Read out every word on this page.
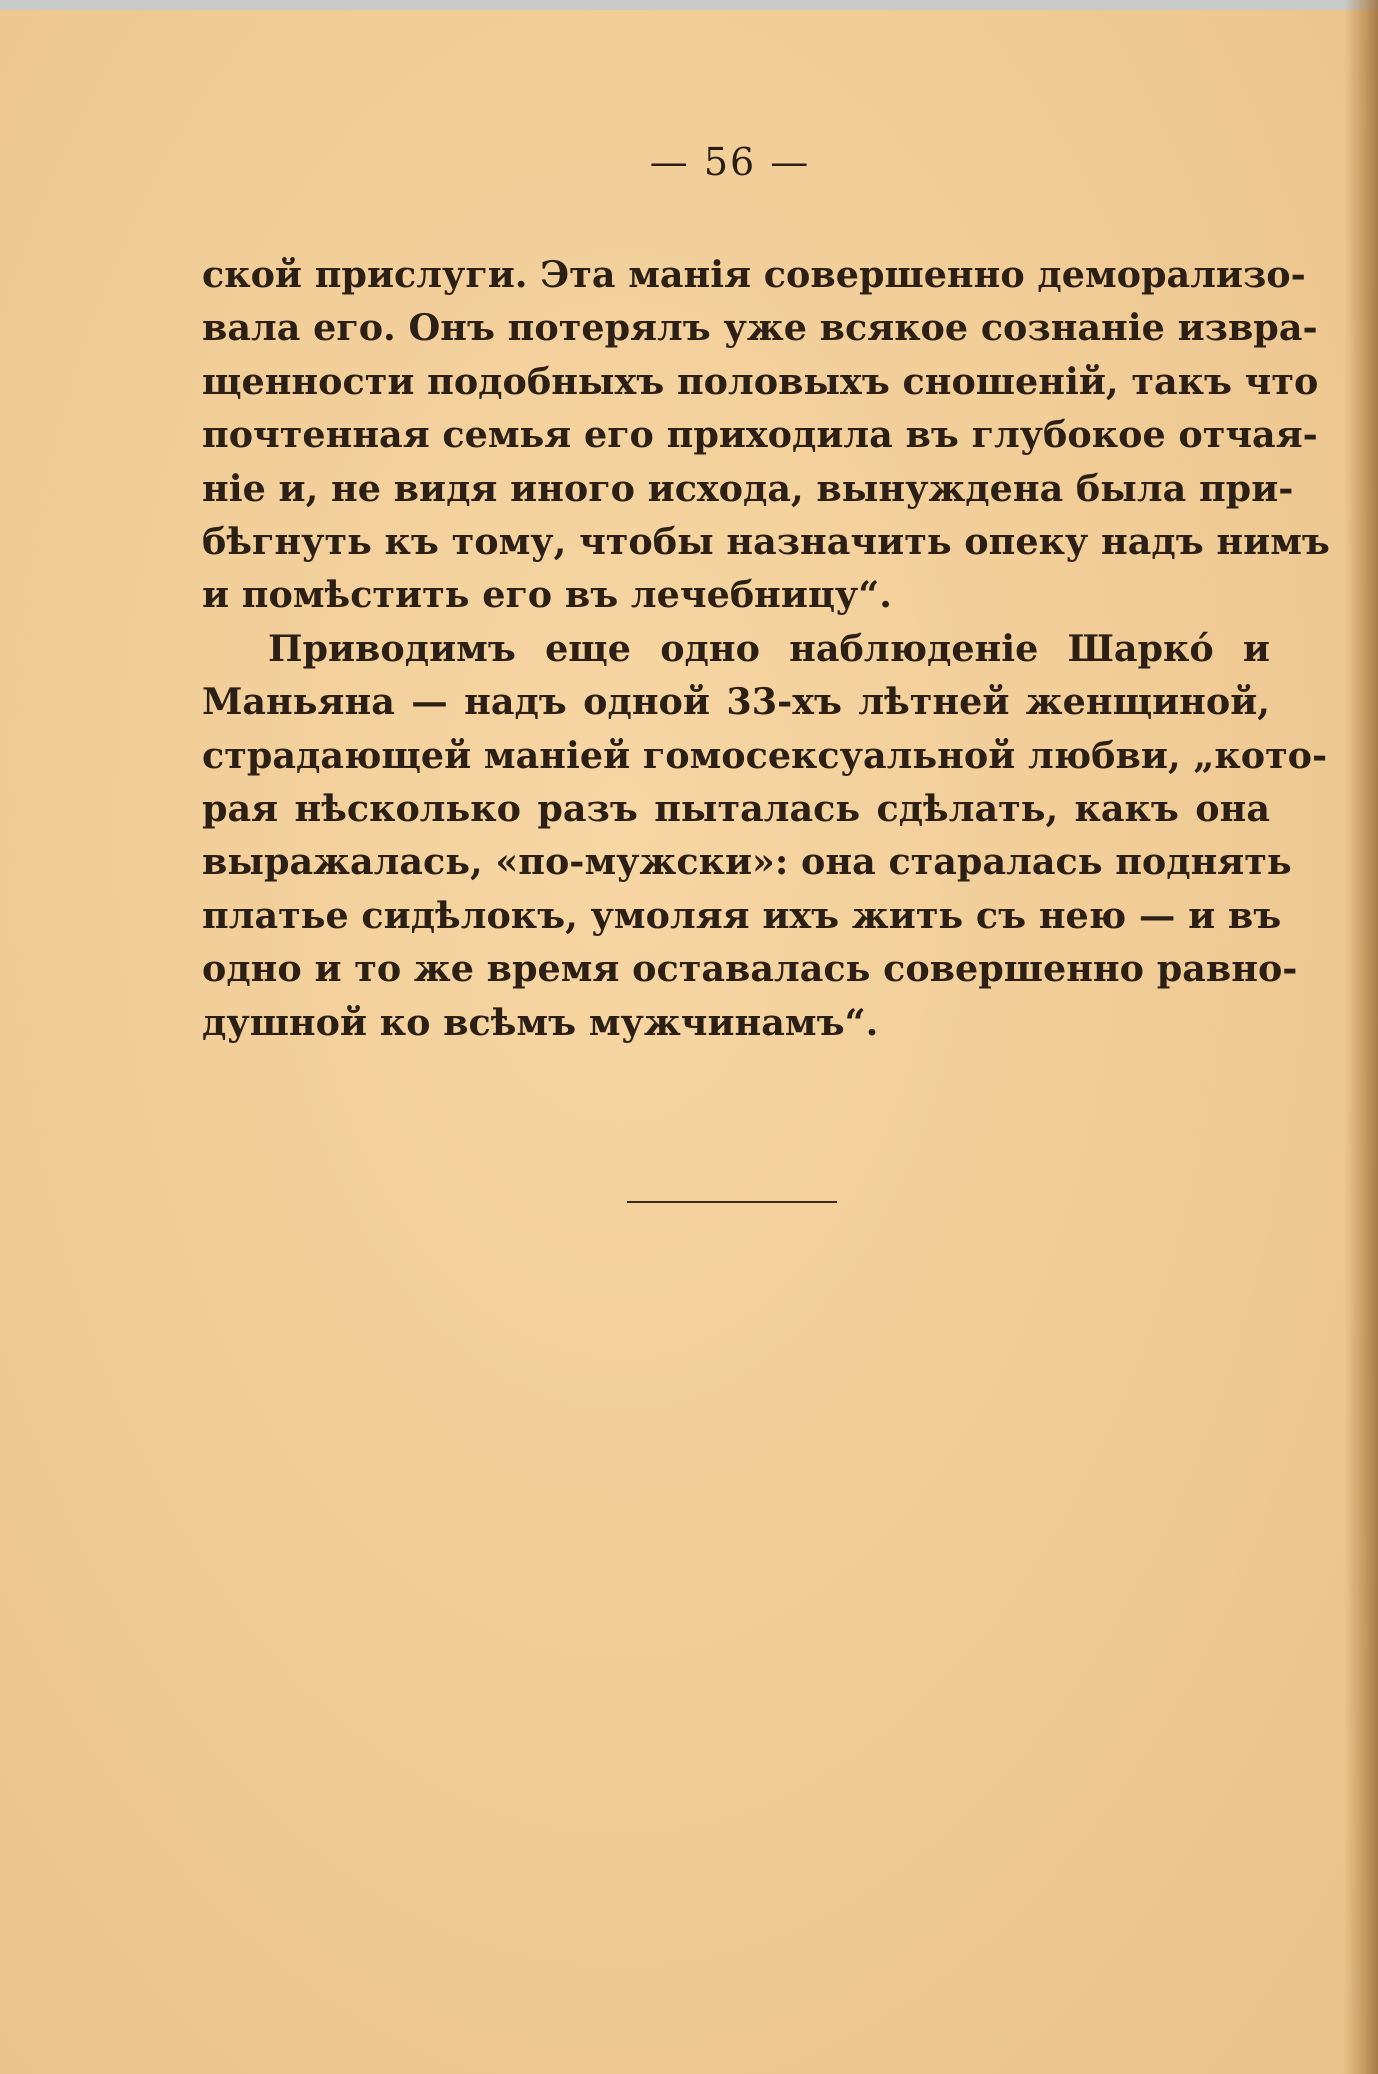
— 56 —
ской прислуги. Эта манія совершенно деморализо-
вала его. Онъ потерялъ уже всякое сознаніе извра-
щенности подобныхъ половыхъ сношеній, такъ что
почтенная семья его приходила въ глубокое отчая-
ніе и, не видя иного исхода, вынуждена была при-
бѣгнуть къ тому, чтобы назначить опеку надъ нимъ
и помѣстить его въ лечебницу“.
Приводимъ еще одно наблюденіе Шарко́ и
Маньяна — надъ одной 33-хъ лѣтней женщиной,
страдающей маніей гомосексуальной любви, „кото-
рая нѣсколько разъ пыталась сдѣлать, какъ она
выражалась, «по-мужски»: она старалась поднять
платье сидѣлокъ, умоляя ихъ жить съ нею — и въ
одно и то же время оставалась совершенно равно-
душной ко всѣмъ мужчинамъ“.
